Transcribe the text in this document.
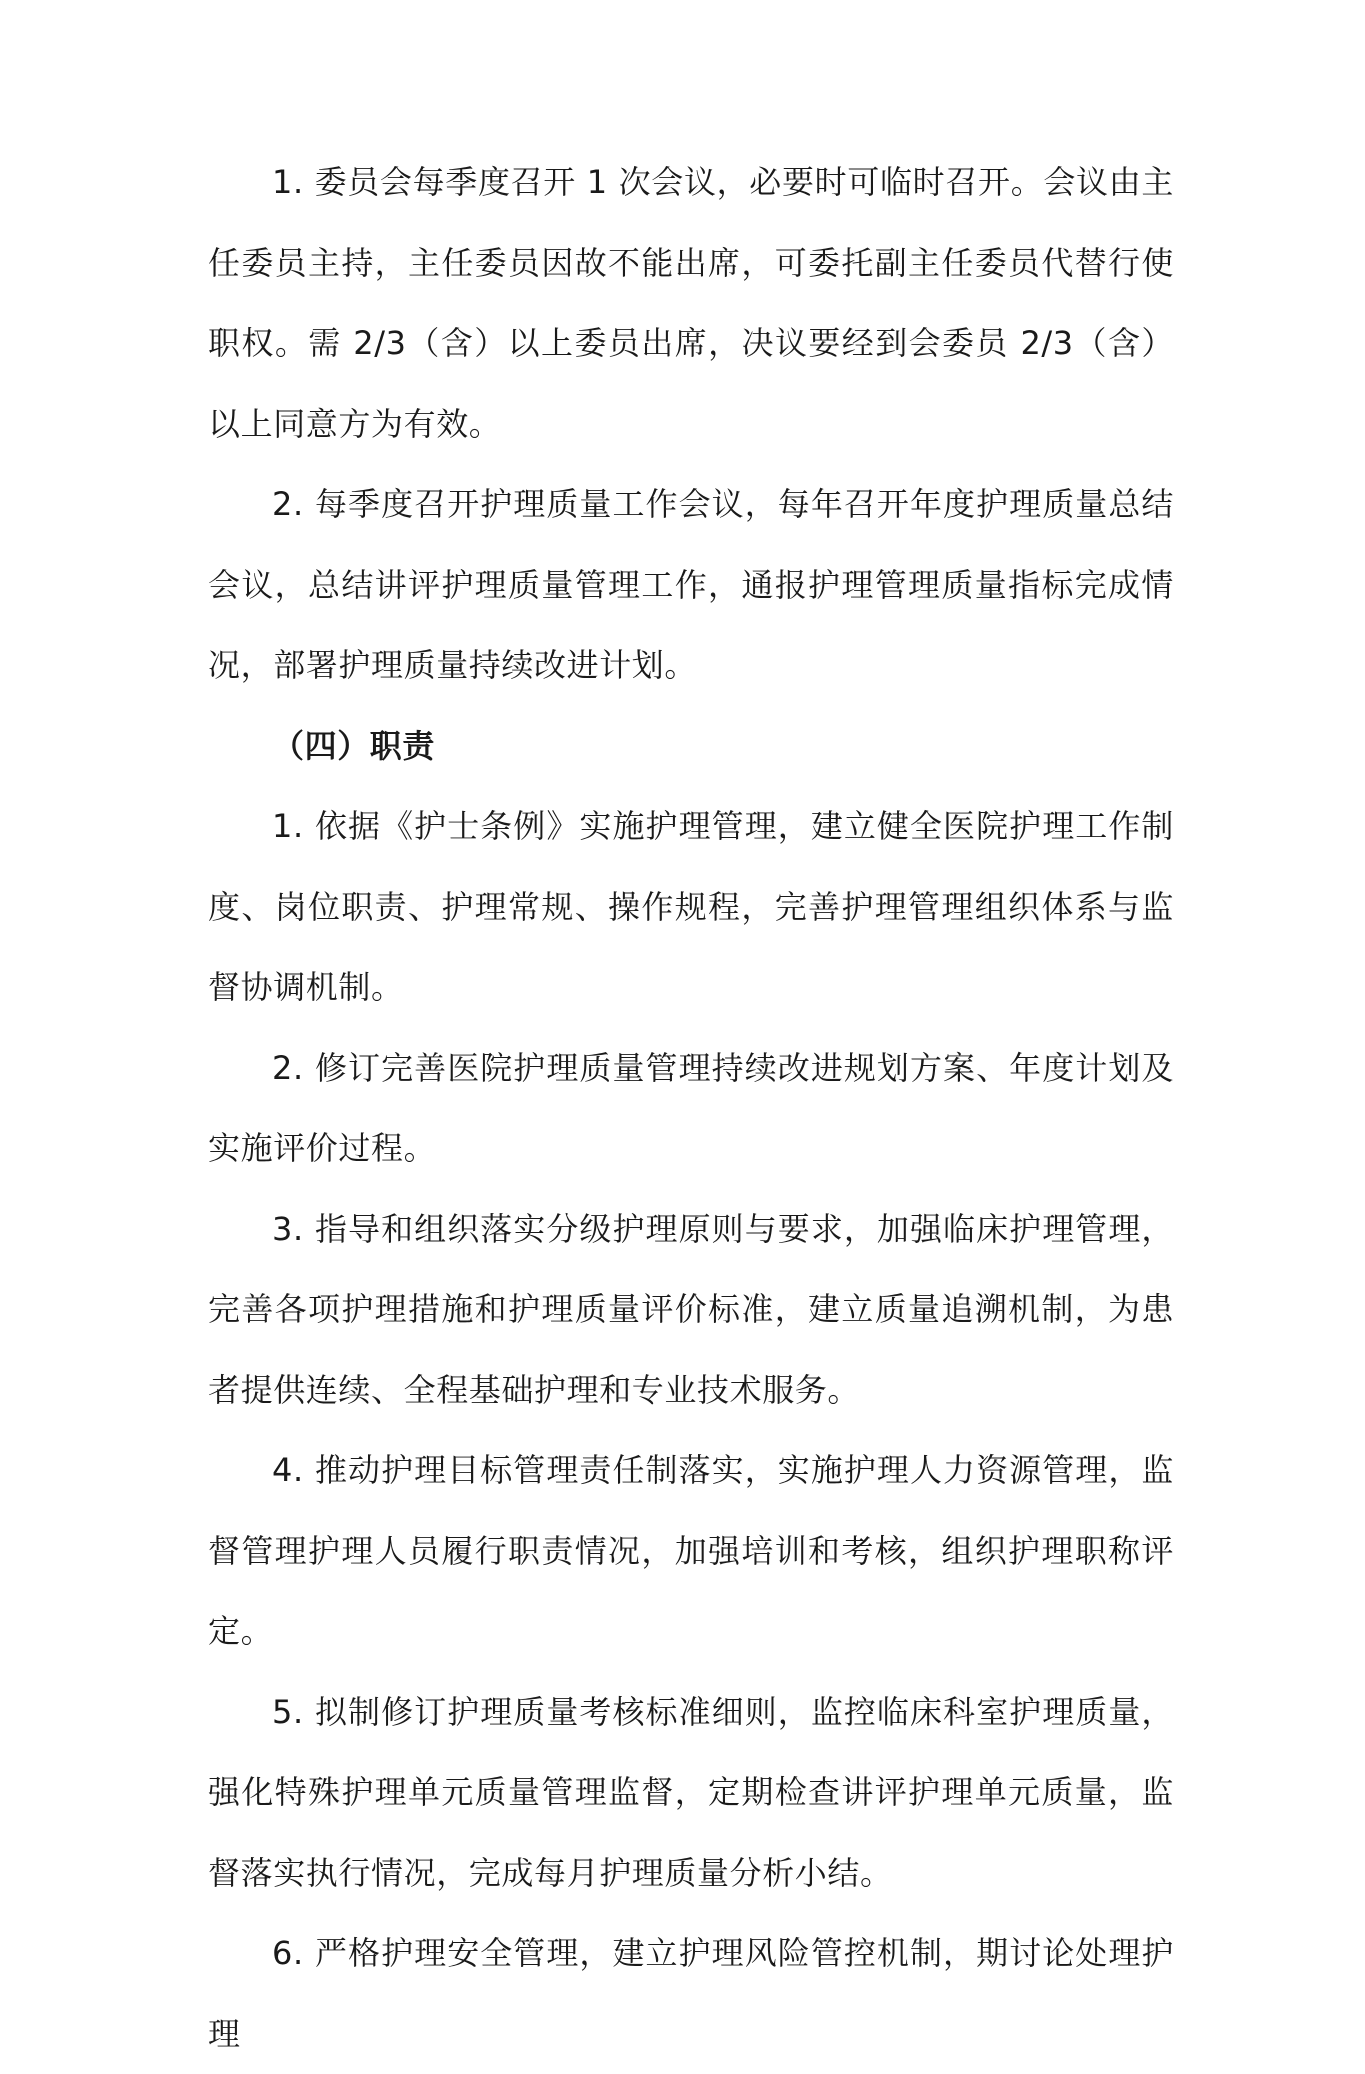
1. 委员会每季度召开 1 次会议，必要时可临时召开。会议由主任委员主持，主任委员因故不能出席，可委托副主任委员代替行使职权。需 2/3（含）以上委员出席，决议要经到会委员 2/3（含）以上同意方为有效。

2. 每季度召开护理质量工作会议，每年召开年度护理质量总结会议，总结讲评护理质量管理工作，通报护理管理质量指标完成情况，部署护理质量持续改进计划。

（四）职责

1. 依据《护士条例》实施护理管理，建立健全医院护理工作制度、岗位职责、护理常规、操作规程，完善护理管理组织体系与监督协调机制。

2. 修订完善医院护理质量管理持续改进规划方案、年度计划及实施评价过程。

3. 指导和组织落实分级护理原则与要求，加强临床护理管理，完善各项护理措施和护理质量评价标准，建立质量追溯机制，为患者提供连续、全程基础护理和专业技术服务。

4. 推动护理目标管理责任制落实，实施护理人力资源管理，监督管理护理人员履行职责情况，加强培训和考核，组织护理职称评定。

5. 拟制修订护理质量考核标准细则，监控临床科室护理质量，强化特殊护理单元质量管理监督，定期检查讲评护理单元质量，监督落实执行情况，完成每月护理质量分析小结。

6. 严格护理安全管理，建立护理风险管控机制，期讨论处理护理
